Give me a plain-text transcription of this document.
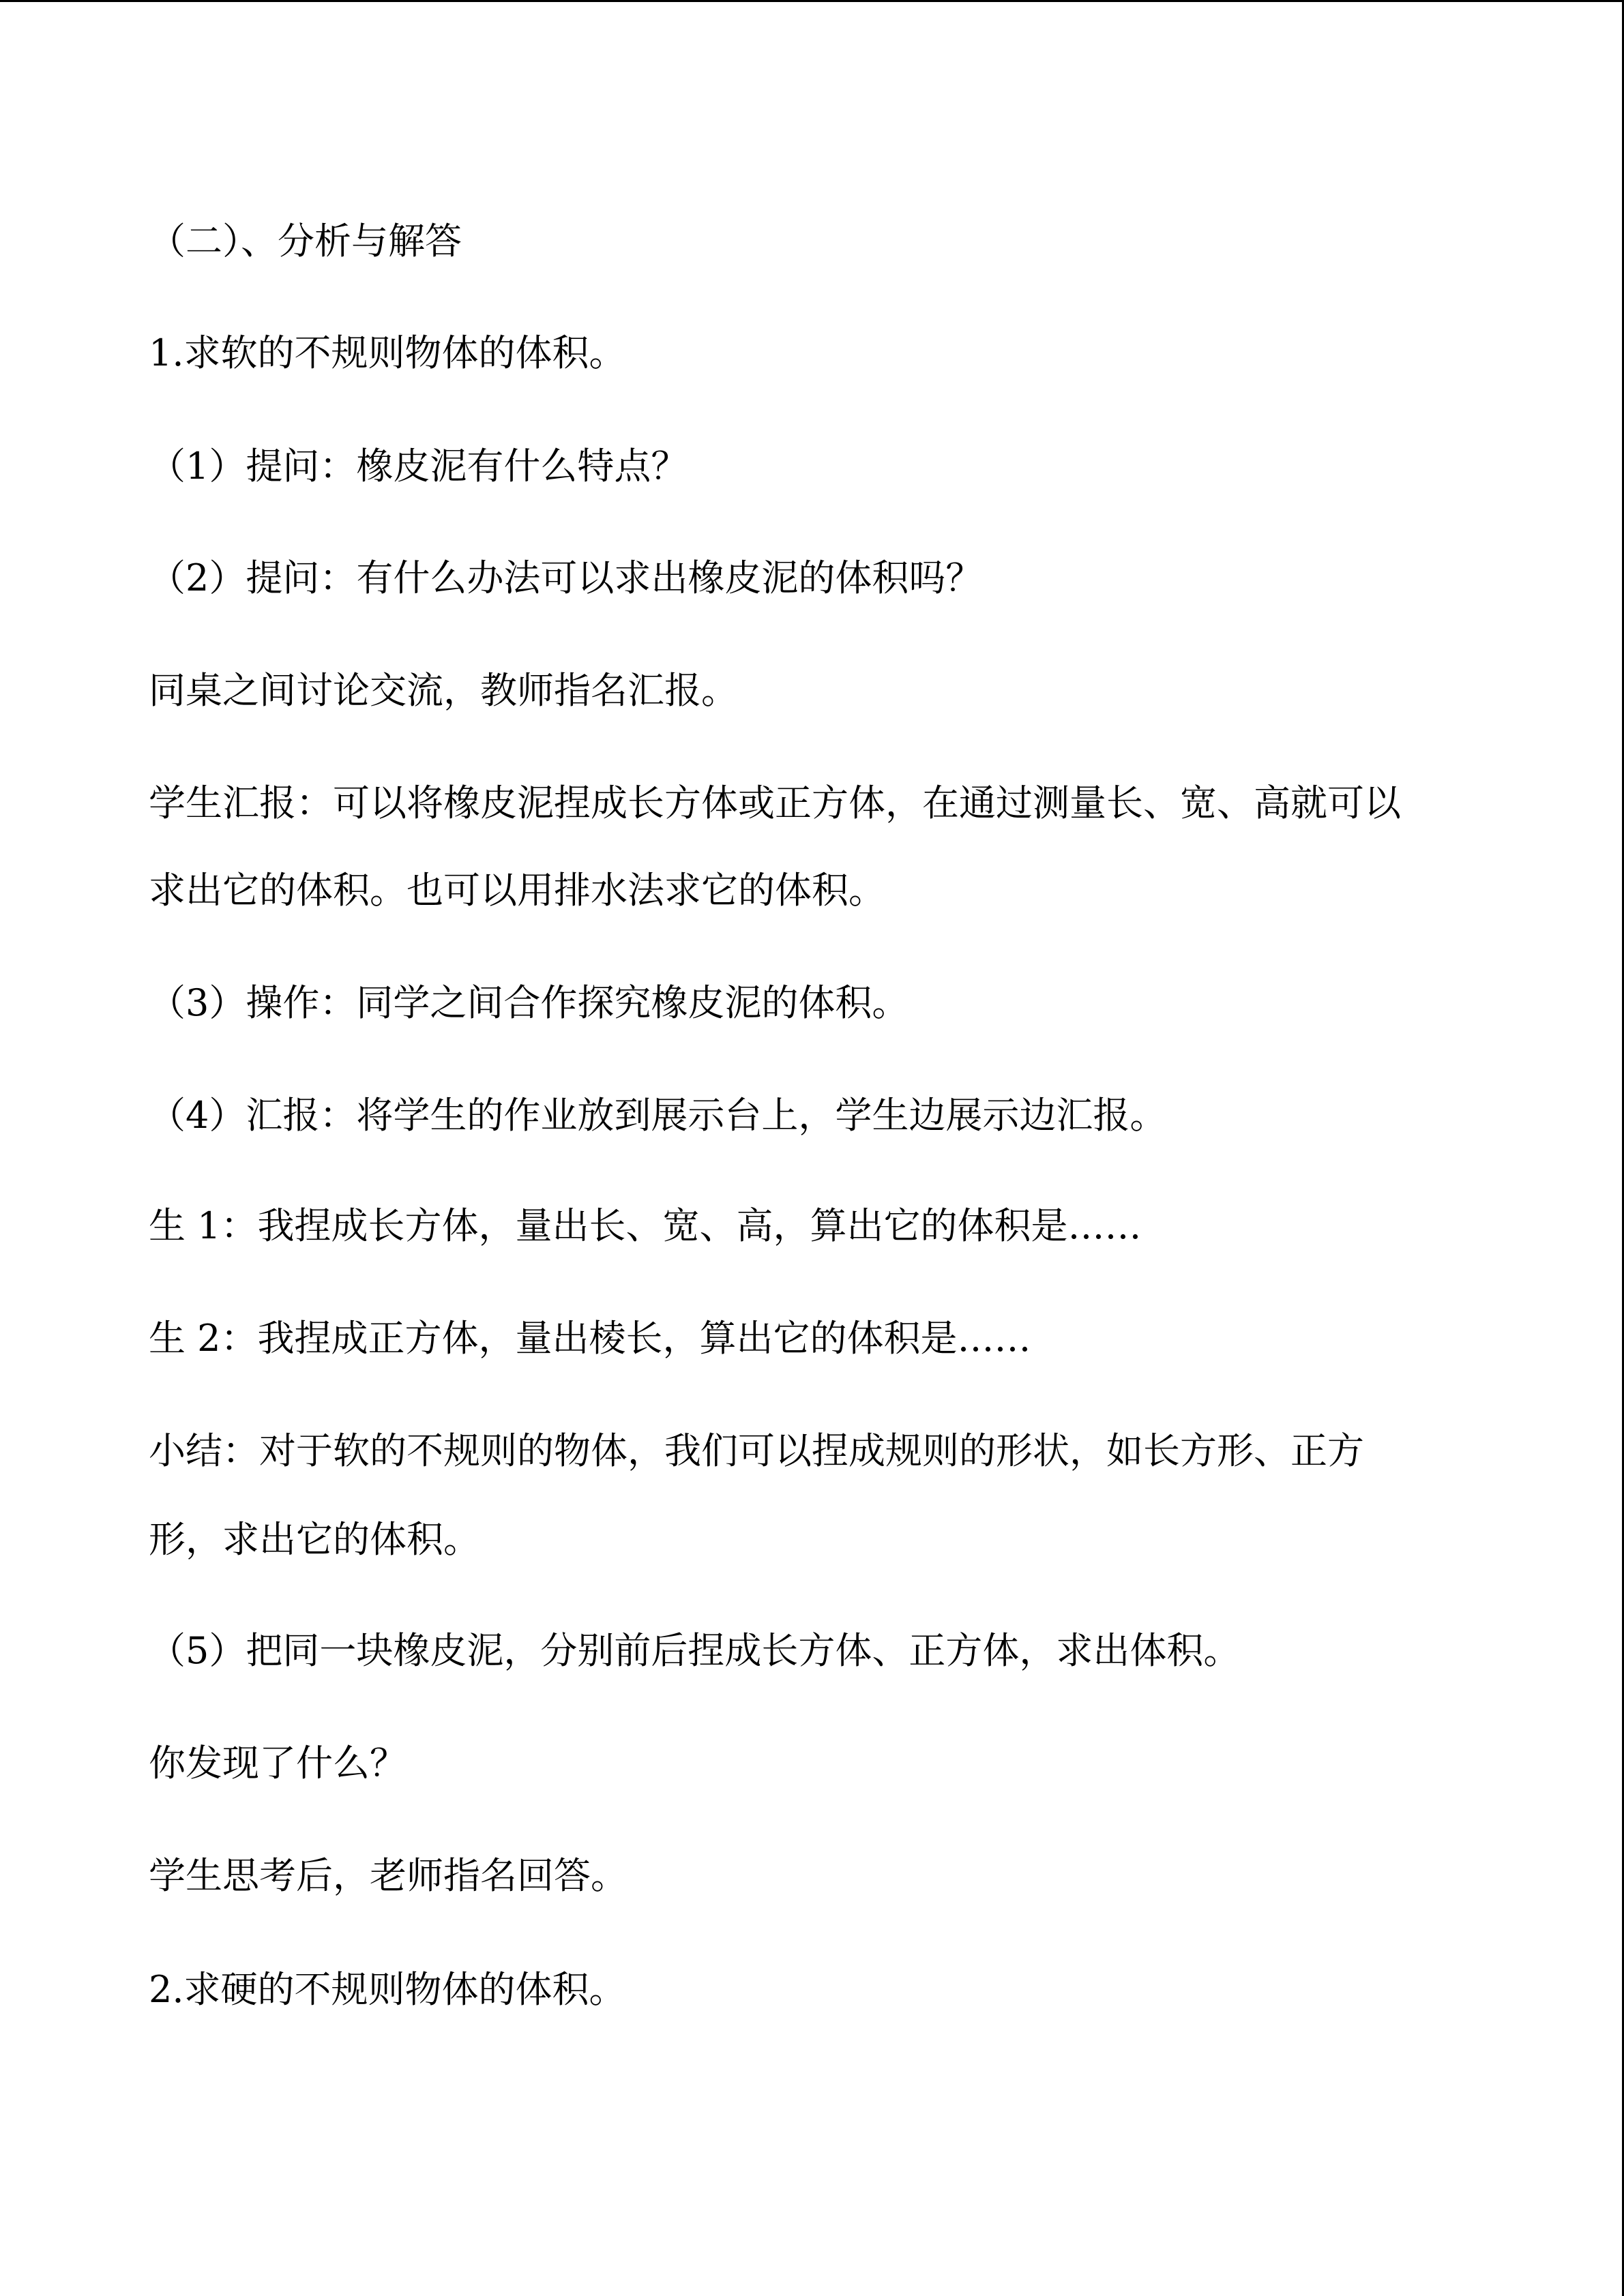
（二）、分析与解答
1.求软的不规则物体的体积。
（1）提问：橡皮泥有什么特点？
（2）提问：有什么办法可以求出橡皮泥的体积吗？
同桌之间讨论交流，教师指名汇报。
学生汇报：可以将橡皮泥捏成长方体或正方体，在通过测量长、宽、高就可以
求出它的体积。也可以用排水法求它的体积。
（3）操作：同学之间合作探究橡皮泥的体积。
（4）汇报：将学生的作业放到展示台上，学生边展示边汇报。
生 1：我捏成长方体，量出长、宽、高，算出它的体积是……
生 2：我捏成正方体，量出棱长，算出它的体积是……
小结：对于软的不规则的物体，我们可以捏成规则的形状，如长方形、正方
形，求出它的体积。
（5）把同一块橡皮泥，分别前后捏成长方体、正方体，求出体积。
你发现了什么？
学生思考后，老师指名回答。
2.求硬的不规则物体的体积。
